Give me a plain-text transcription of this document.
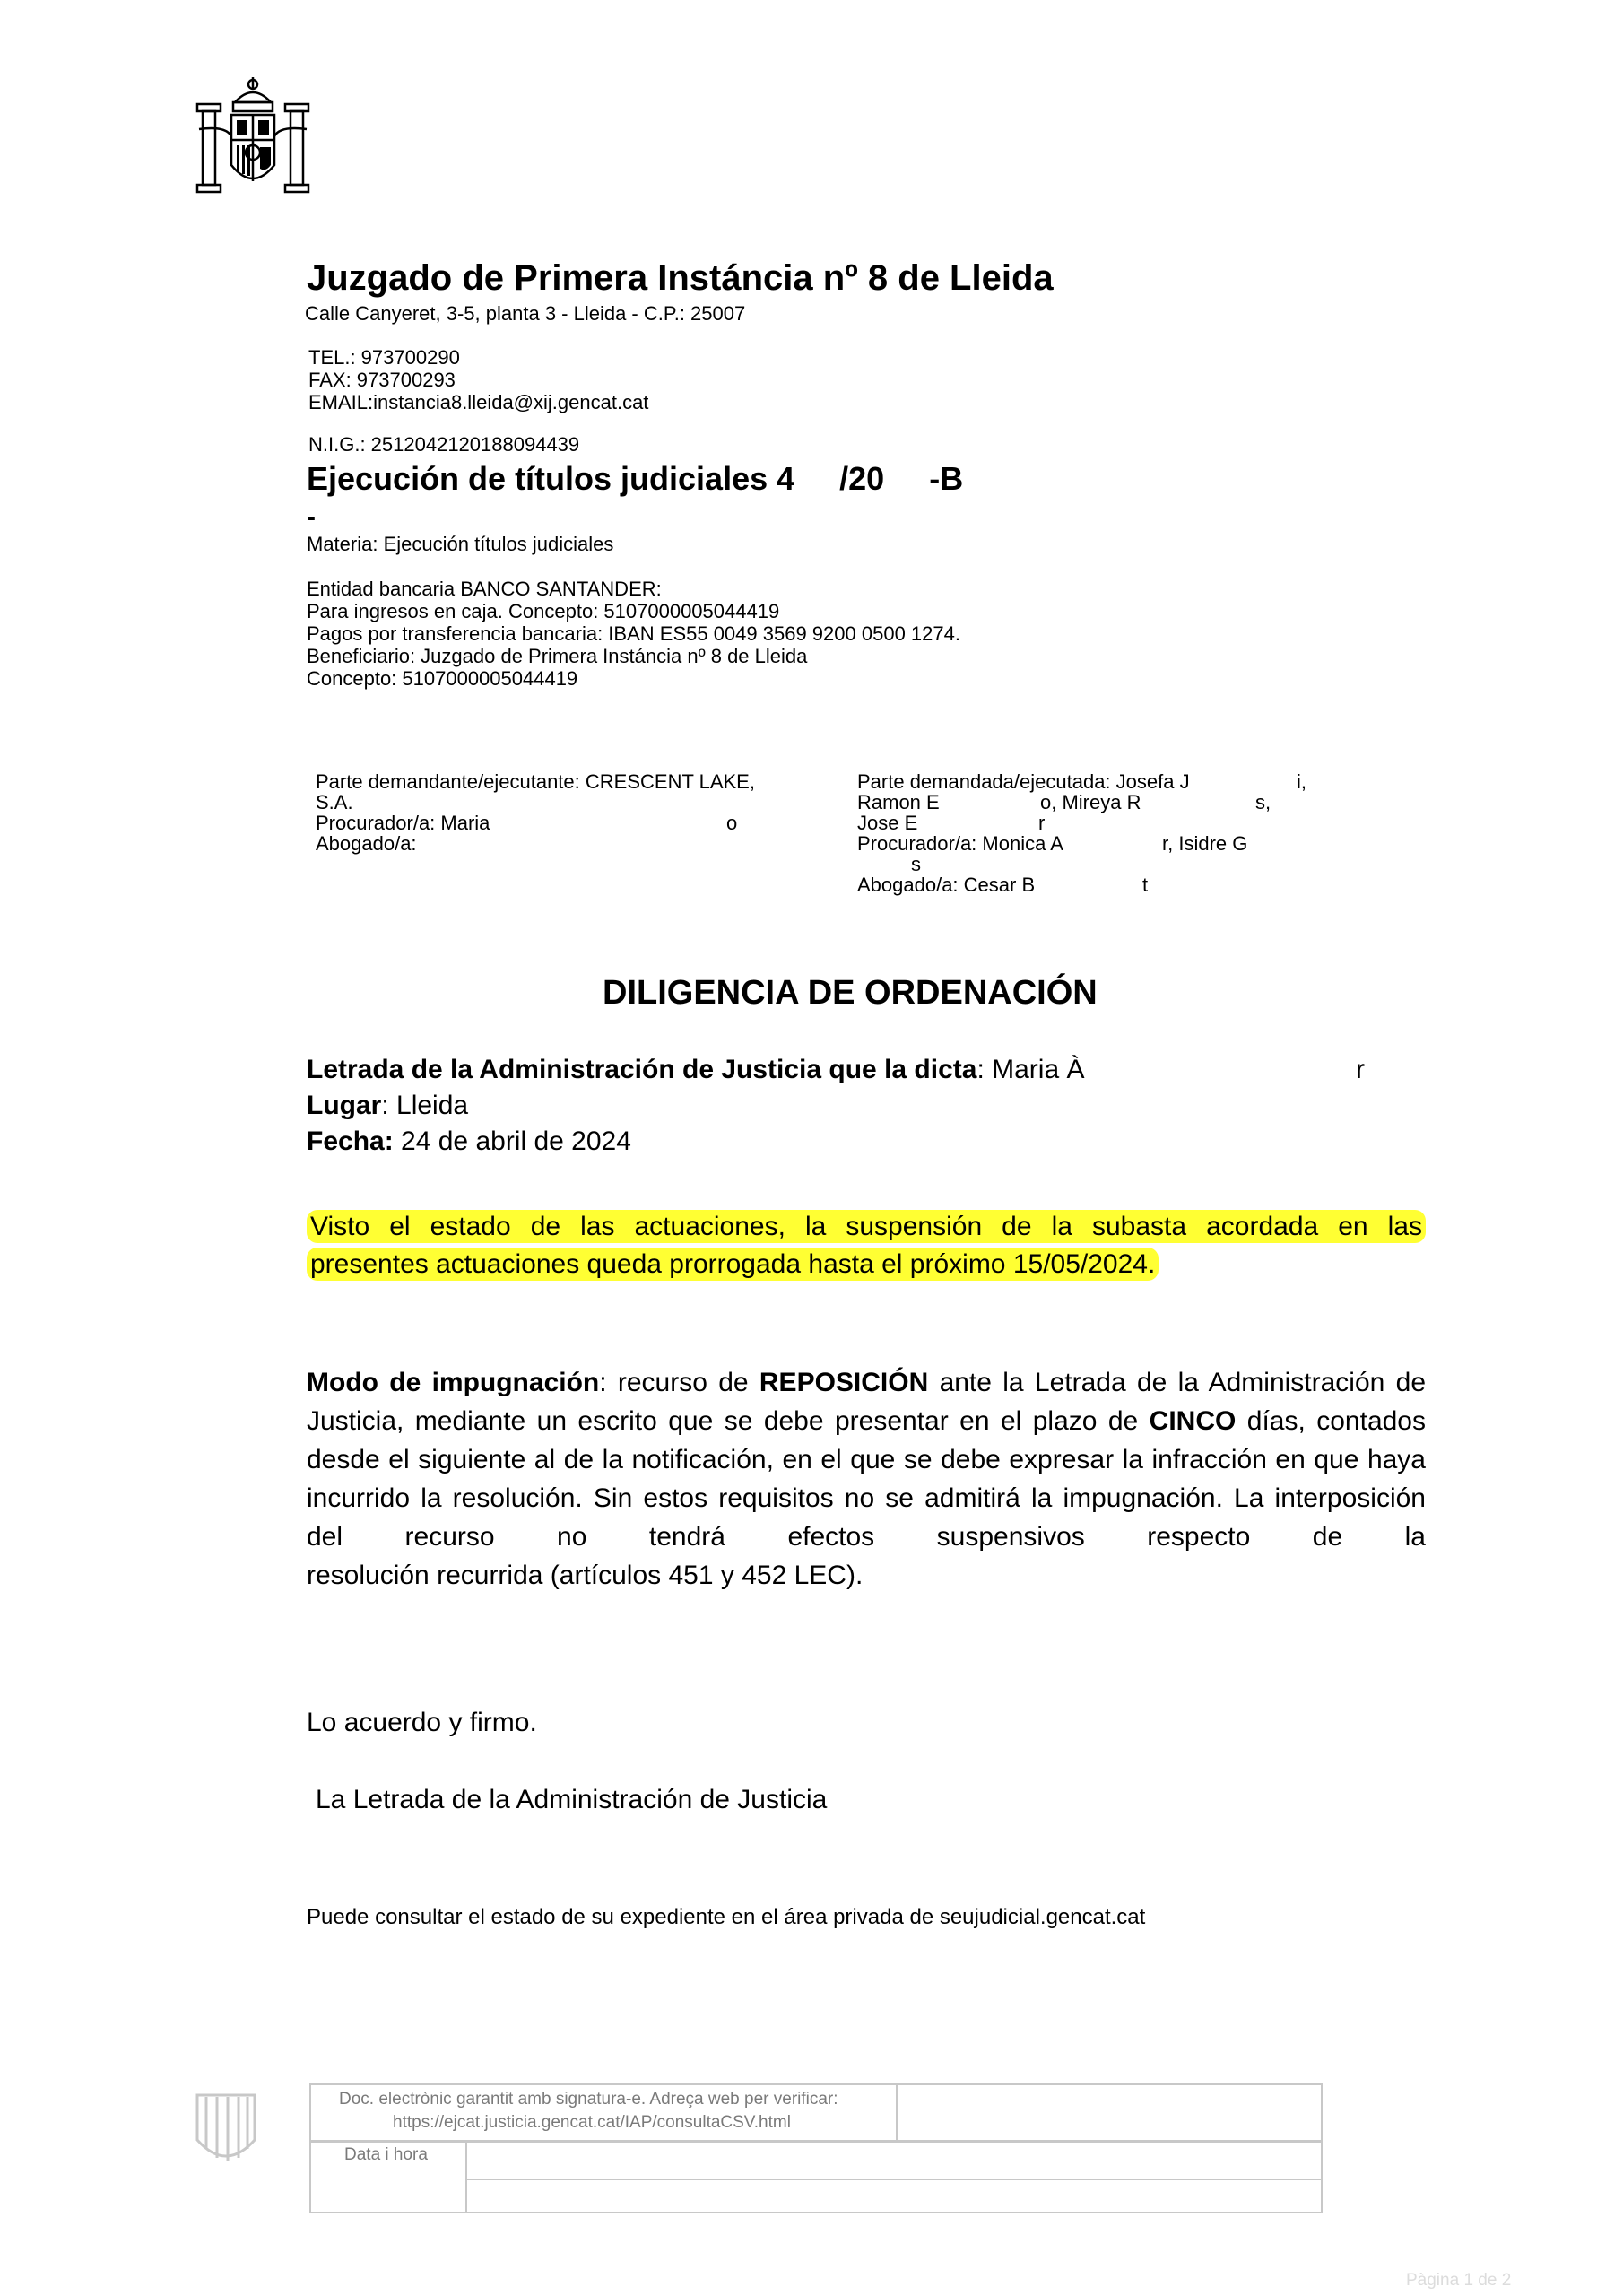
Juzgado de Primera Instáncia nº 8 de Lleida
Calle Canyeret, 3-5, planta 3 - Lleida - C.P.: 25007
TEL.: 973700290
FAX: 973700293
EMAIL:instancia8.lleida@xij.gencat.cat
N.I.G.: 2512042120188094439
Ejecución de títulos judiciales 4     /20     -B
-
Materia: Ejecución títulos judiciales
Entidad bancaria BANCO SANTANDER:
Para ingresos en caja. Concepto: 5107000005044419
Pagos por transferencia bancaria: IBAN ES55 0049 3569 9200 0500 1274.
Beneficiario: Juzgado de Primera Instáncia nº 8 de Lleida
Concepto: 5107000005044419
Parte demandante/ejecutante: CRESCENT LAKE,
S.A.
Procurador/a: Maria	o
Abogado/a:
Parte demandada/ejecutada: Josefa J	i,
Ramon E	o, Mireya R	s,
Jose E	r
Procurador/a: Monica A	r, Isidre G
s
Abogado/a: Cesar B	t
DILIGENCIA DE ORDENACIÓN
Letrada de la Administración de Justicia que la dicta: Maria À	r
Lugar: Lleida
Fecha: 24 de abril de 2024
Visto el estado de las actuaciones, la suspensión de la subasta acordada en las
presentes actuaciones queda prorrogada hasta el próximo 15/05/2024.
Modo de impugnación: recurso de REPOSICIÓN ante la Letrada de la Administración de Justicia, mediante un escrito que se debe presentar en el plazo de CINCO días, contados desde el siguiente al de la notificación, en el que se debe expresar la infracción en que haya incurrido la resolución. Sin estos requisitos no se admitirá la impugnación. La interposición del recurso no tendrá efectos suspensivos respecto de la
resolución recurrida (artículos 451 y 452 LEC).
Lo acuerdo y firmo.
La Letrada de la Administración de Justicia
Puede consultar el estado de su expediente en el área privada de seujudicial.gencat.cat
Doc. electrònic garantit amb signatura-e. Adreça web per verificar:
https://ejcat.justicia.gencat.cat/IAP/consultaCSV.html
Data i hora
Pàgina 1 de 2
